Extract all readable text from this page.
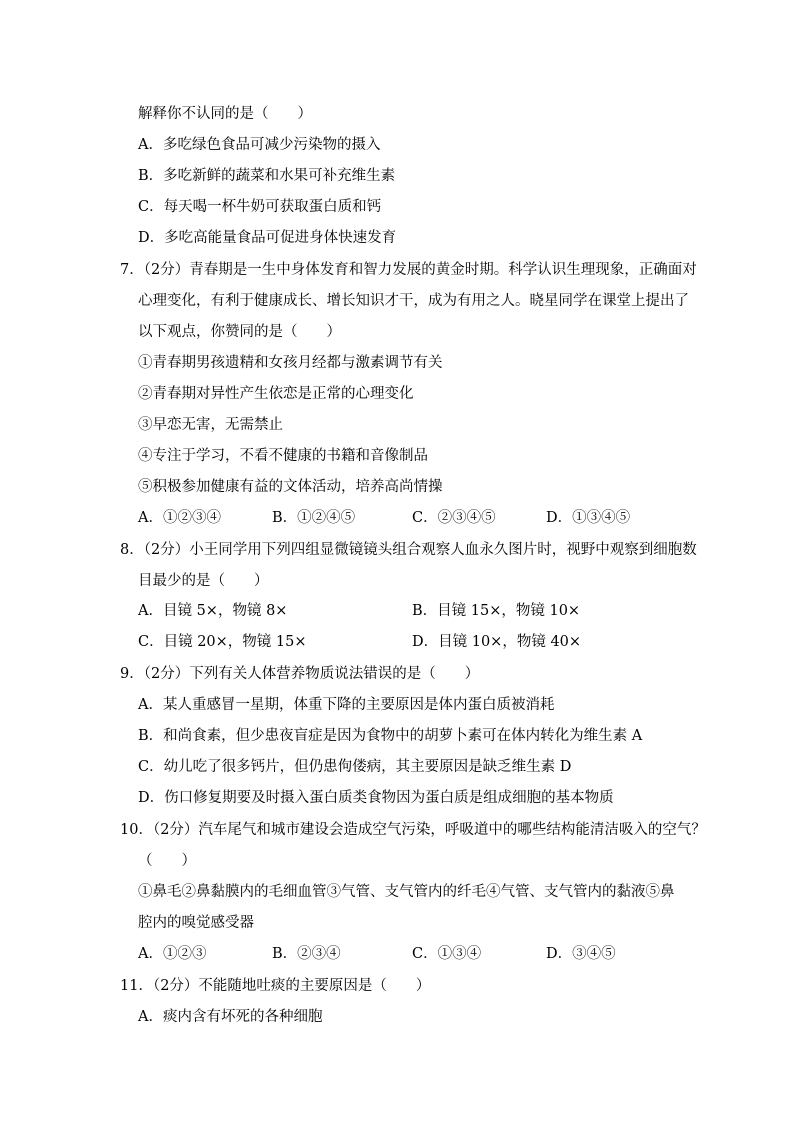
解释你不认同的是（　　）
A．多吃绿色食品可减少污染物的摄入
B．多吃新鲜的蔬菜和水果可补充维生素
C．每天喝一杯牛奶可获取蛋白质和钙
D．多吃高能量食品可促进身体快速发育
7．（2分）青春期是一生中身体发育和智力发展的黄金时期。科学认识生理现象，正确面对
心理变化，有利于健康成长、增长知识才干，成为有用之人。晓星同学在课堂上提出了
以下观点，你赞同的是（　　）
①青春期男孩遗精和女孩月经都与激素调节有关
②青春期对异性产生依恋是正常的心理变化
③早恋无害，无需禁止
④专注于学习，不看不健康的书籍和音像制品
⑤积极参加健康有益的文体活动，培养高尚情操
A．①②③④	B．①②④⑤	C．②③④⑤	D．①③④⑤
8．（2分）小王同学用下列四组显微镜镜头组合观察人血永久图片时，视野中观察到细胞数
目最少的是（　　）
A．目镜 5×，物镜 8×	B．目镜 15×，物镜 10×
C．目镜 20×，物镜 15×	D．目镜 10×，物镜 40×
9．（2分）下列有关人体营养物质说法错误的是（　　）
A．某人重感冒一星期，体重下降的主要原因是体内蛋白质被消耗
B．和尚食素，但少患夜盲症是因为食物中的胡萝卜素可在体内转化为维生素 A
C．幼儿吃了很多钙片，但仍患佝偻病，其主要原因是缺乏维生素 D
D．伤口修复期要及时摄入蛋白质类食物因为蛋白质是组成细胞的基本物质
10．（2分）汽车尾气和城市建设会造成空气污染，呼吸道中的哪些结构能清洁吸入的空气？
（　　）
①鼻毛②鼻黏膜内的毛细血管③气管、支气管内的纤毛④气管、支气管内的黏液⑤鼻
腔内的嗅觉感受器
A．①②③	B．②③④	C．①③④	D．③④⑤
11．（2分）不能随地吐痰的主要原因是（　　）
A．痰内含有坏死的各种细胞
